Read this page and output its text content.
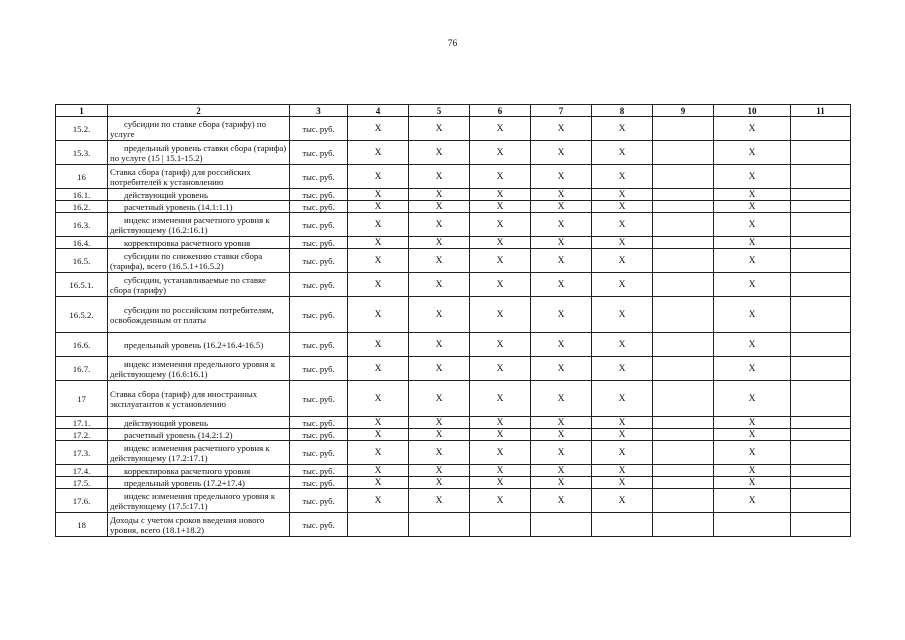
76
1	2	3	4	5	6	7	8	9	10	11
15.2.	субсидии по ставке сбора (тарифу) по услуге	тыс. руб.	X	X	X	X	X		X	
15.3.	предельный уровень ставки сбора (тарифа) по услуге (15 | 15.1-15.2)	тыс. руб.	X	X	X	X	X		X	
16	Ставка сбора (тариф) для российских потребителей к установлению	тыс. руб.	X	X	X	X	X		X	
16.1.	действующий уровень	тыс. руб.	X	X	X	X	X		X	
16.2.	расчетный уровень (14.1:1.1)	тыс. руб.	X	X	X	X	X		X	
16.3.	индекс изменения расчетного уровня к действующему (16.2:16.1)	тыс. руб.	X	X	X	X	X		X	
16.4.	корректировка расчетного уровня	тыс. руб.	X	X	X	X	X		X	
16.5.	субсидии по снижению ставки сбора (тарифа), всего (16.5.1+16.5.2)	тыс. руб.	X	X	X	X	X		X	
16.5.1.	субсидии, устанавливаемые по ставке сбора (тарифу)	тыс. руб.	X	X	X	X	X		X	
16.5.2.	субсидии по российским потребителям, освобожденным от платы	тыс. руб.	X	X	X	X	X		X	
16.6.	предельный уровень (16.2+16.4-16.5)	тыс. руб.	X	X	X	X	X		X	
16.7.	индекс изменения предельного уровня к действующему (16.6:16.1)	тыс. руб.	X	X	X	X	X		X	
17	Ставка сбора (тариф) для иностранных эксплуатантов к установлению	тыс. руб.	X	X	X	X	X		X	
17.1.	действующий уровень	тыс. руб.	X	X	X	X	X		X	
17.2.	расчетный уровень (14.2:1.2)	тыс. руб.	X	X	X	X	X		X	
17.3.	индекс изменения расчетного уровня к действующему (17.2:17.1)	тыс. руб.	X	X	X	X	X		X	
17.4.	корректировка расчетного уровня	тыс. руб.	X	X	X	X	X		X	
17.5.	предельный уровень (17.2+17.4)	тыс. руб.	X	X	X	X	X		X	
17.6.	индекс изменения предельного уровня к действующему (17.5:17.1)	тыс. руб.	X	X	X	X	X		X	
18	Доходы с учетом сроков введения нового уровня, всего (18.1+18.2)	тыс. руб.								
